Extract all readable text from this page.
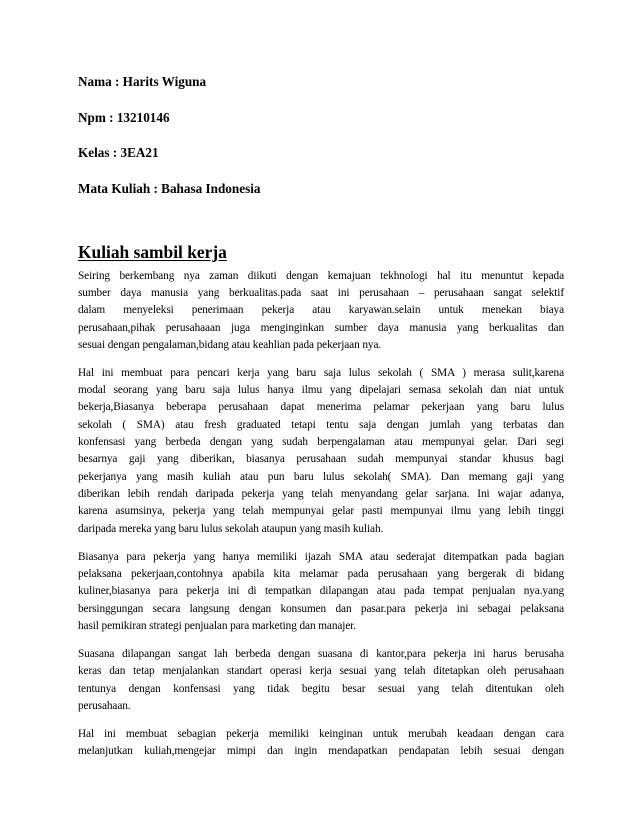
Nama : Harits Wiguna

Npm : 13210146

Kelas : 3EA21

Mata Kuliah : Bahasa Indonesia

Kuliah sambil kerja

Seiring berkembang nya zaman diikuti dengan kemajuan tekhnologi hal itu menuntut kepada
sumber daya manusia yang berkualitas.pada saat ini perusahaan – perusahaan sangat selektif
dalam menyeleksi penerimaan pekerja atau karyawan.selain untuk menekan biaya
perusahaan,pihak perusahaaan juga menginginkan sumber daya manusia yang berkualitas dan
sesuai dengan pengalaman,bidang atau keahlian pada pekerjaan nya.

Hal ini membuat para pencari kerja yang baru saja lulus sekolah ( SMA ) merasa sulit,karena
modal seorang yang baru saja lulus hanya ilmu yang dipelajari semasa sekolah dan niat untuk
bekerja,Biasanya beberapa perusahaan dapat menerima pelamar pekerjaan yang baru lulus
sekolah ( SMA) atau fresh graduated tetapi tentu saja dengan jumlah yang terbatas dan
konfensasi yang berbeda dengan yang sudah berpengalaman atau mempunyai gelar. Dari segi
besarnya gaji yang diberikan, biasanya perusahaan sudah mempunyai standar khusus bagi
pekerjanya yang masih kuliah atau pun baru lulus sekolah( SMA). Dan memang gaji yang
diberikan lebih rendah daripada pekerja yang telah menyandang gelar sarjana. Ini wajar adanya,
karena asumsinya, pekerja yang telah mempunyai gelar pasti mempunyai ilmu yang lebih tinggi
daripada mereka yang baru lulus sekolah ataupun yang masih kuliah.

Biasanya para pekerja yang hanya memiliki ijazah SMA atau sederajat ditempatkan pada bagian
pelaksana pekerjaan,contohnya apabila kita melamar pada perusahaan yang bergerak di bidang
kuliner,biasanya para pekerja ini di tempatkan dilapangan atau pada tempat penjualan nya.yang
bersinggungan secara langsung dengan konsumen dan pasar.para pekerja ini sebagai pelaksana
hasil pemikiran strategi penjualan para marketing dan manajer.

Suasana dilapangan sangat lah berbeda dengan suasana di kantor,para pekerja ini harus berusaha
keras dan tetap menjalankan standart operasi kerja sesuai yang telah ditetapkan oleh perusahaan
tentunya dengan konfensasi yang tidak begitu besar sesuai yang telah ditentukan oleh
perusahaan.

Hal ini membuat sebagian pekerja memiliki keinginan untuk merubah keadaan dengan cara
melanjutkan kuliah,mengejar mimpi dan ingin mendapatkan pendapatan lebih sesuai dengan
